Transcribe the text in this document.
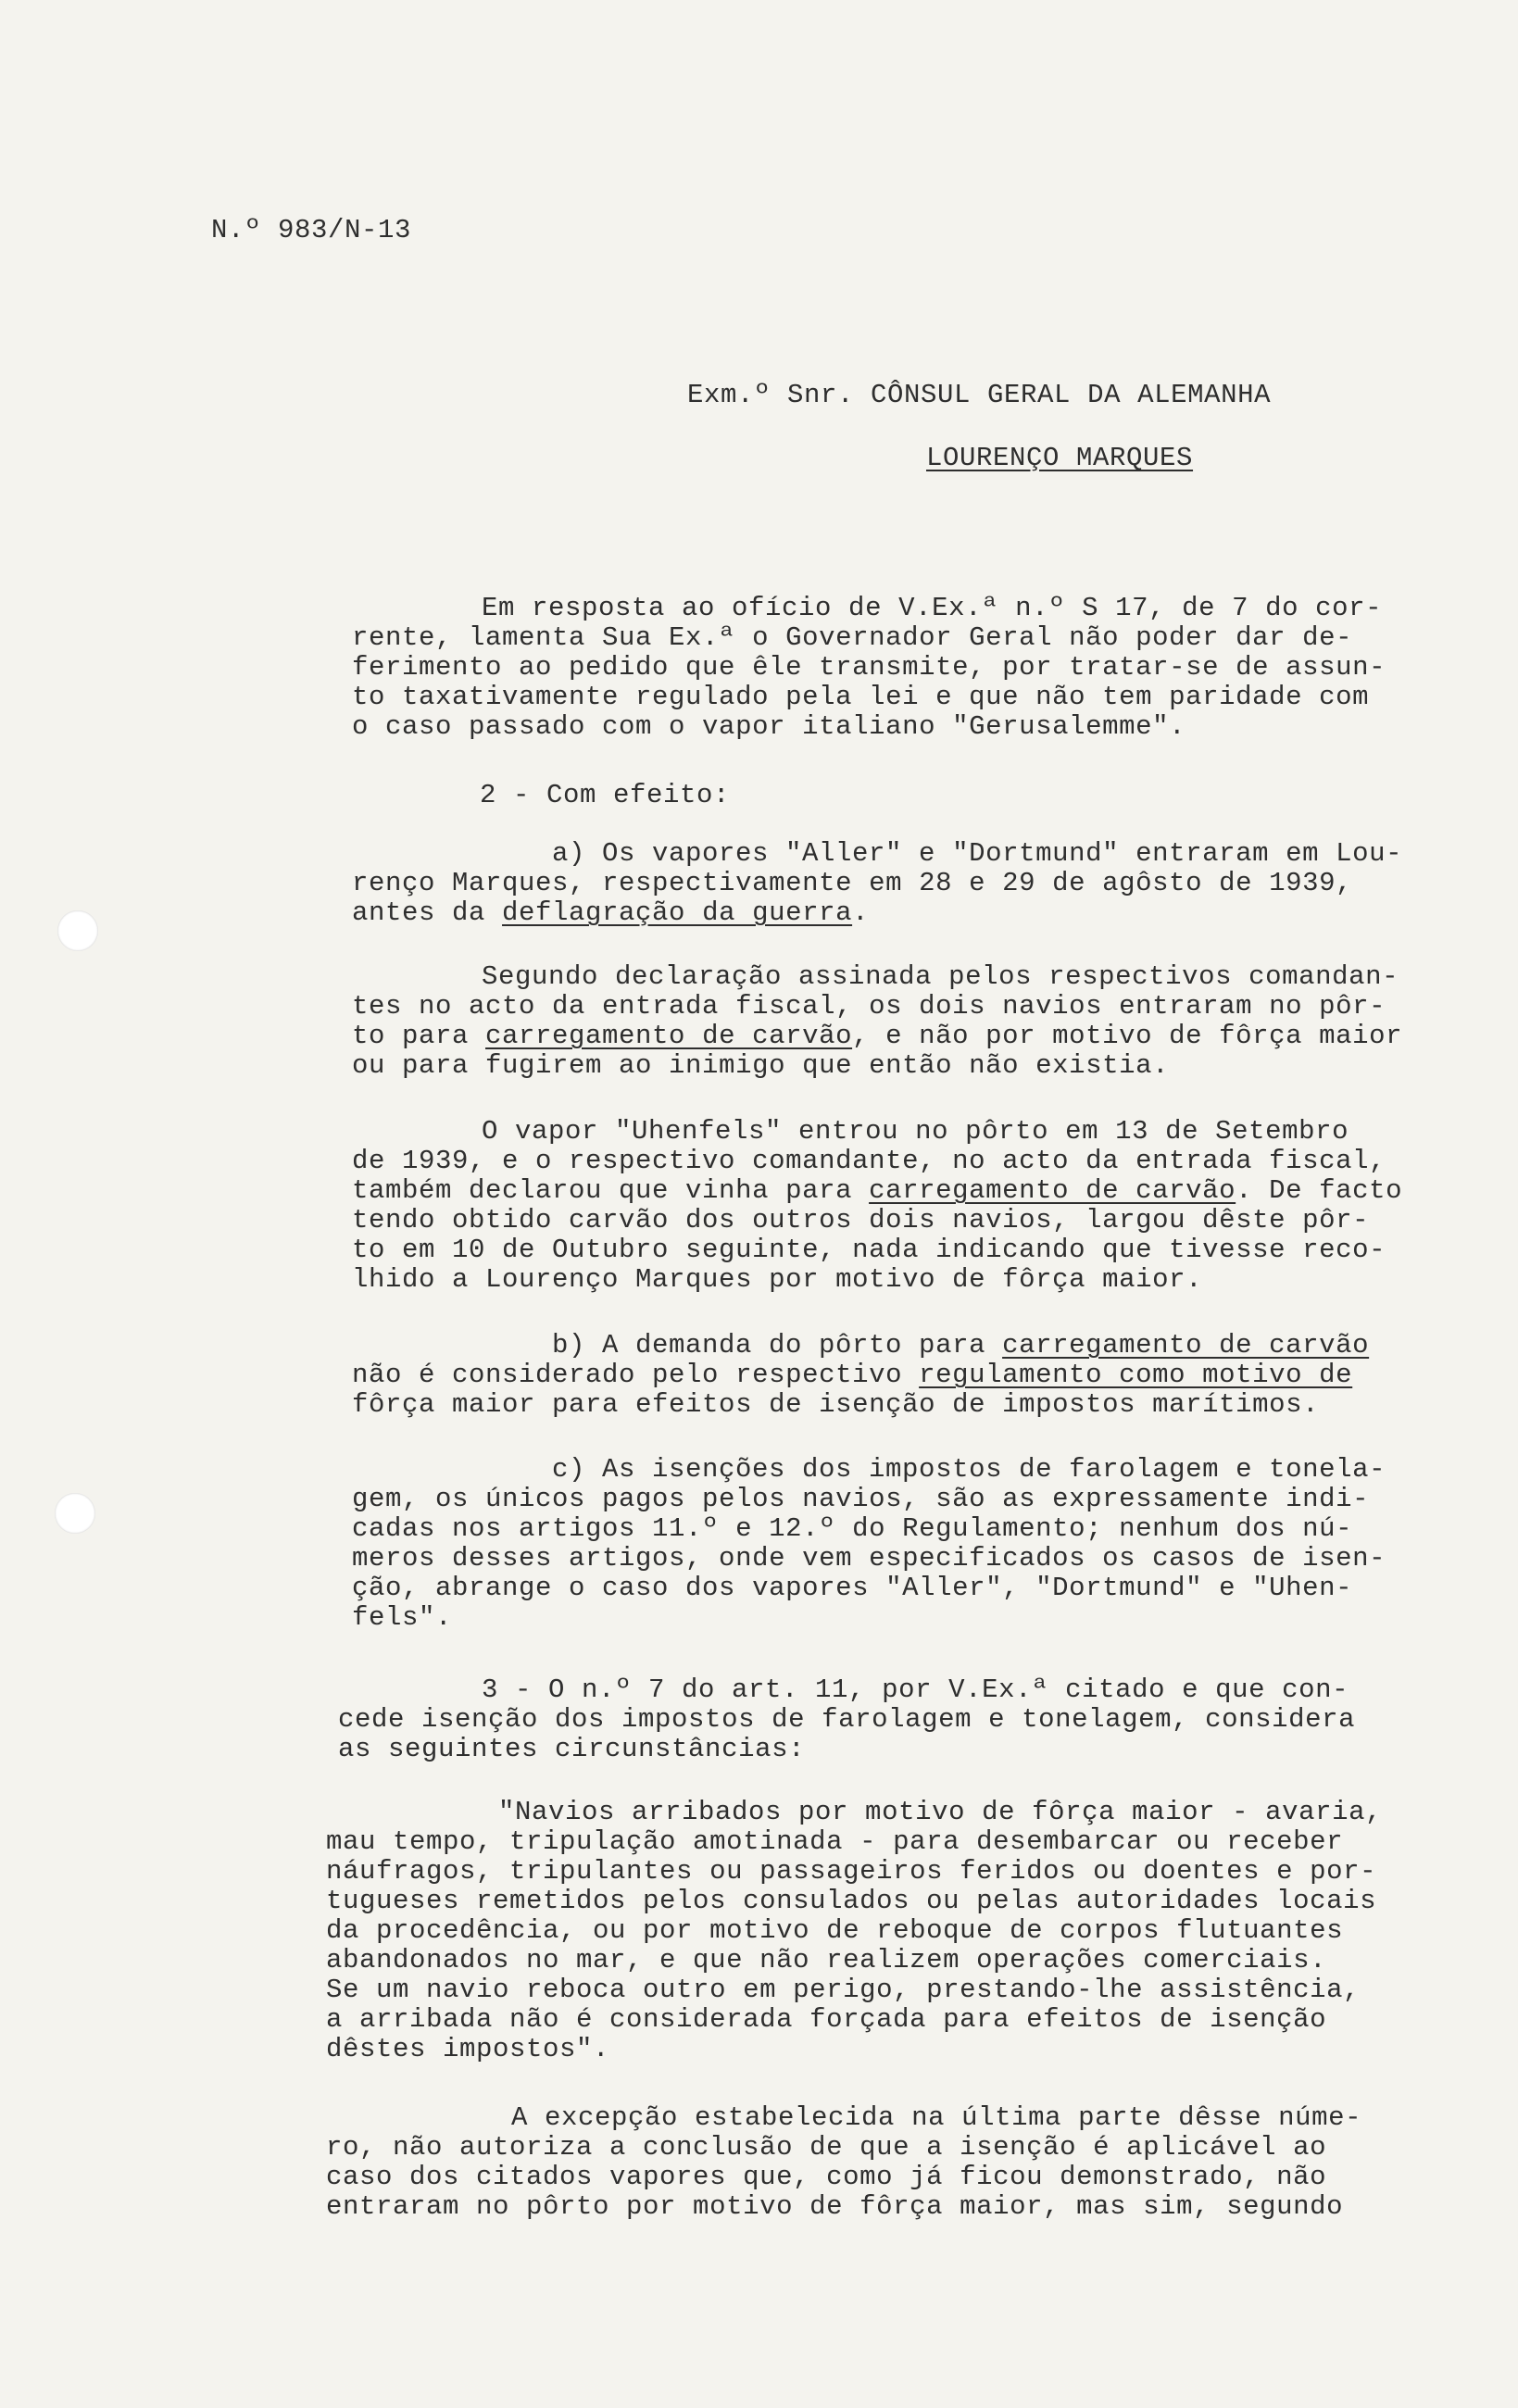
N.º 983/N-13
Exm.º Snr. CÔNSUL GERAL DA ALEMANHA
LOURENÇO MARQUES
Em resposta ao ofício de V.Ex.ª n.º S 17, de 7 do cor-
rente, lamenta Sua Ex.ª o Governador Geral não poder dar de-
ferimento ao pedido que êle transmite, por tratar-se de assun-
to taxativamente regulado pela lei e que não tem paridade com
o caso passado com o vapor italiano "Gerusalemme".
2 - Com efeito:
a) Os vapores "Aller" e "Dortmund" entraram em Lou-
renço Marques, respectivamente em 28 e 29 de agôsto de 1939,
antes da deflagração da guerra.
Segundo declaração assinada pelos respectivos comandan-
tes no acto da entrada fiscal, os dois navios entraram no pôr-
to para carregamento de carvão, e não por motivo de fôrça maior
ou para fugirem ao inimigo que então não existia.
O vapor "Uhenfels" entrou no pôrto em 13 de Setembro
de 1939, e o respectivo comandante, no acto da entrada fiscal,
também declarou que vinha para carregamento de carvão. De facto
tendo obtido carvão dos outros dois navios, largou dêste pôr-
to em 10 de Outubro seguinte, nada indicando que tivesse reco-
lhido a Lourenço Marques por motivo de fôrça maior.
b) A demanda do pôrto para carregamento de carvão
não é considerado pelo respectivo regulamento como motivo de
fôrça maior para efeitos de isenção de impostos marítimos.
c) As isenções dos impostos de farolagem e tonela-
gem, os únicos pagos pelos navios, são as expressamente indi-
cadas nos artigos 11.º e 12.º do Regulamento; nenhum dos nú-
meros desses artigos, onde vem especificados os casos de isen-
ção, abrange o caso dos vapores "Aller", "Dortmund" e "Uhen-
fels".
3 - O n.º 7 do art. 11, por V.Ex.ª citado e que con-
cede isenção dos impostos de farolagem e tonelagem, considera
as seguintes circunstâncias:
"Navios arribados por motivo de fôrça maior - avaria,
mau tempo, tripulação amotinada - para desembarcar ou receber
náufragos, tripulantes ou passageiros feridos ou doentes e por-
tugueses remetidos pelos consulados ou pelas autoridades locais
da procedência, ou por motivo de reboque de corpos flutuantes
abandonados no mar, e que não realizem operações comerciais.
Se um navio reboca outro em perigo, prestando-lhe assistência,
a arribada não é considerada forçada para efeitos de isenção
dêstes impostos".
A excepção estabelecida na última parte dêsse núme-
ro, não autoriza a conclusão de que a isenção é aplicável ao
caso dos citados vapores que, como já ficou demonstrado, não
entraram no pôrto por motivo de fôrça maior, mas sim, segundo
